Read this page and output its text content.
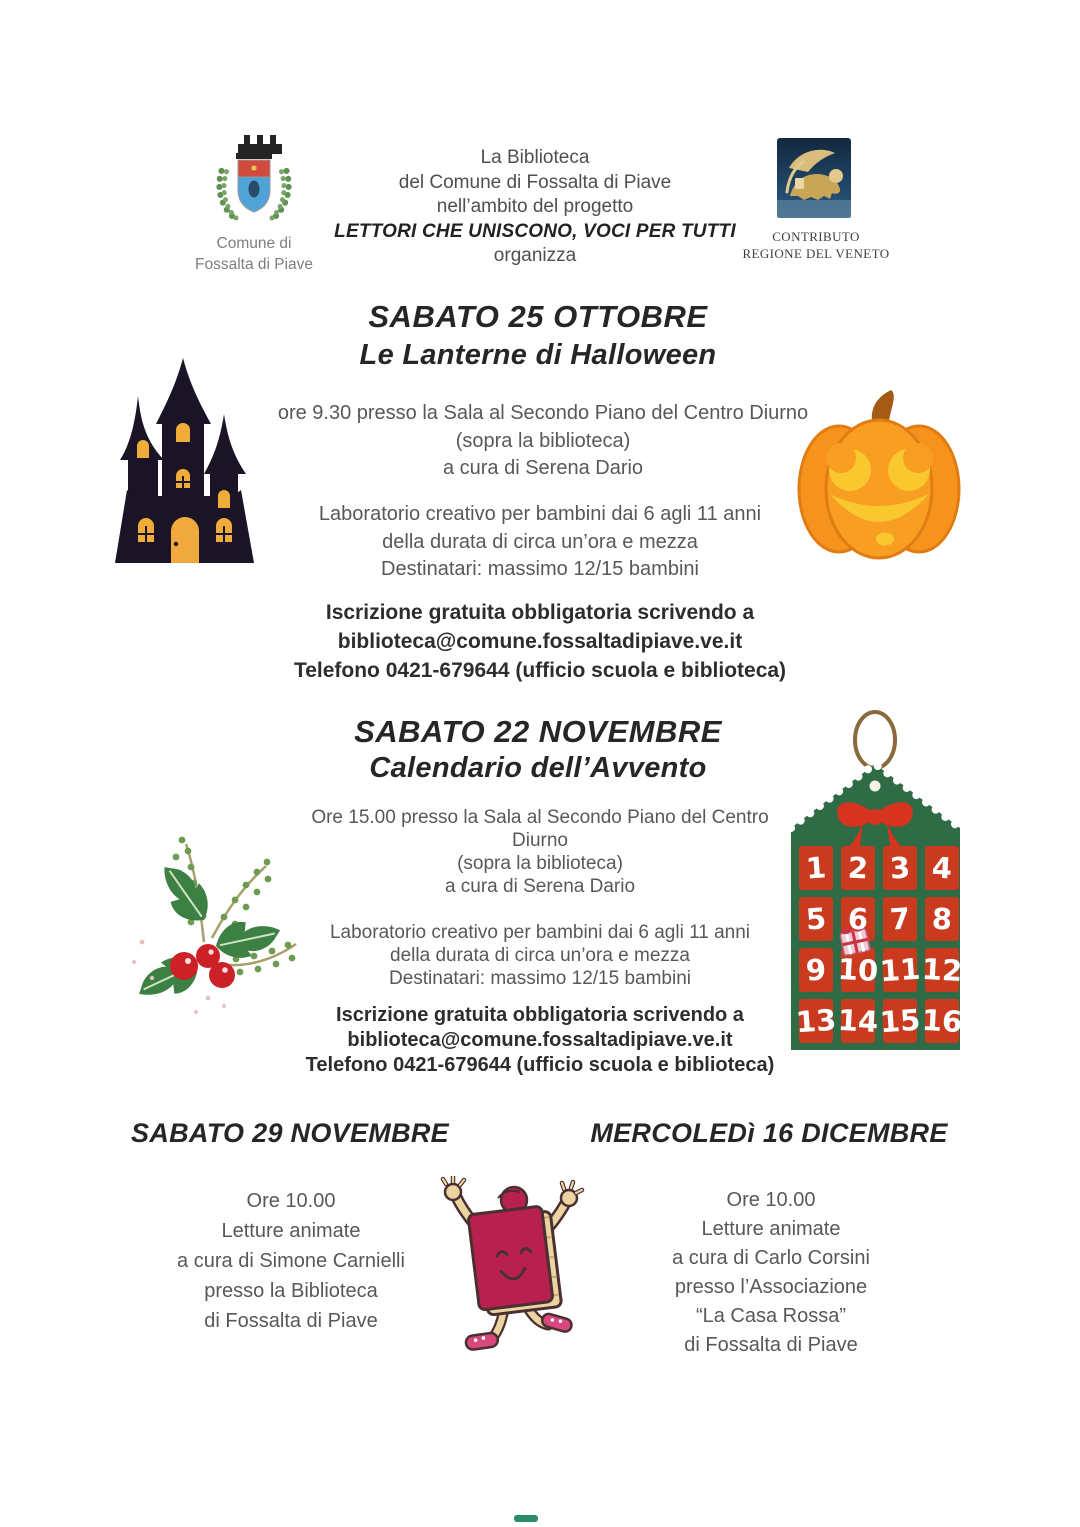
Comune di
Fossalta di Piave
La Biblioteca
del Comune di Fossalta di Piave
nell’ambito del progetto
LETTORI CHE UNISCONO, VOCI PER TUTTI
organizza
CONTRIBUTO
REGIONE DEL VENETO
SABATO 25 OTTOBRE
Le Lanterne di Halloween
ore 9.30 presso la Sala al Secondo Piano del Centro Diurno
(sopra la biblioteca)
a cura di Serena Dario
Laboratorio creativo per bambini dai 6 agli 11 anni
della durata di circa un’ora e mezza
Destinatari: massimo 12/15 bambini
Iscrizione gratuita obbligatoria scrivendo a
biblioteca@comune.fossaltadipiave.ve.it
Telefono 0421-679644 (ufficio scuola e biblioteca)
SABATO 22 NOVEMBRE
Calendario dell’Avvento
1 2 3 4
5 6 7 8
9 10 11 12
13 14 15 16
Ore 15.00 presso la Sala al Secondo Piano del Centro
Diurno
(sopra la biblioteca)
a cura di Serena Dario
Laboratorio creativo per bambini dai 6 agli 11 anni
della durata di circa un’ora e mezza
Destinatari: massimo 12/15 bambini
Iscrizione gratuita obbligatoria scrivendo a
biblioteca@comune.fossaltadipiave.ve.it
Telefono 0421-679644 (ufficio scuola e biblioteca)
SABATO 29 NOVEMBRE	MERCOLEDì 16 DICEMBRE
Ore 10.00
Letture animate
a cura di Simone Carnielli
presso la Biblioteca
di Fossalta di Piave
Ore 10.00
Letture animate
a cura di Carlo Corsini
presso l’Associazione
“La Casa Rossa”
di Fossalta di Piave
